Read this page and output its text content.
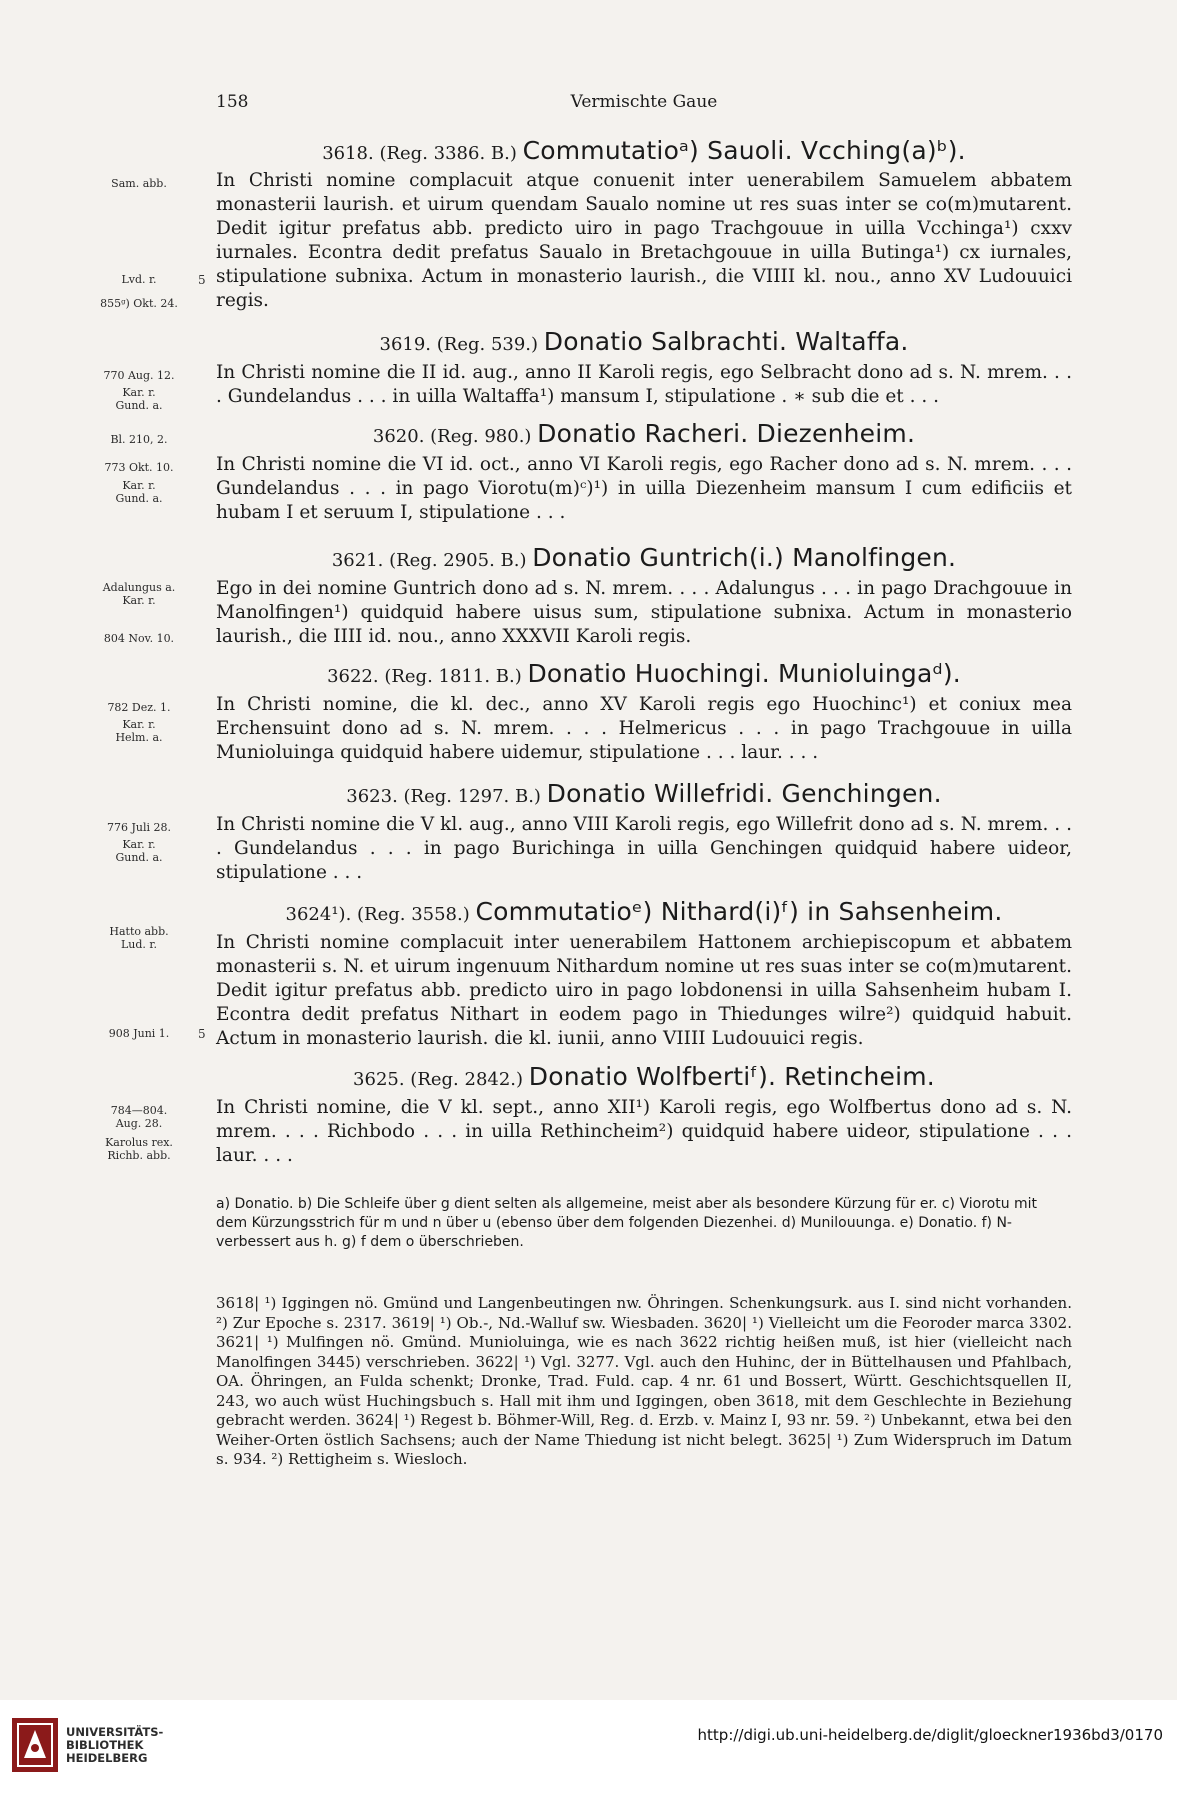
158	Vermischte Gaue
3618. (Reg. 3386. B.) Commutatioᵃ) Sauoli. Vcching(a)ᵇ).

In Christi nomine complacuit atque conuenit inter uenerabilem Samuelem abbatem monasterii laurish. et uirum quendam Saualo nomine ut res suas inter se co(m)mutarent. Dedit igitur prefatus abb. predicto uiro in pago Trachgouue in uilla Vcchinga¹) cxxv iurnales. Econtra dedit prefatus Saualo in Bretachgouue in uilla Butinga¹) cx iurnales, stipulatione subnixa. Actum in monasterio laurish., die VIIII kl. nou., anno XV Ludouuici regis.

3619. (Reg. 539.) Donatio Salbrachti. Waltaffa.

In Christi nomine die II id. aug., anno II Karoli regis, ego Selbracht dono ad s. N. mrem. . . . Gundelandus . . . in uilla Waltaffa¹) mansum I, stipulatione . ∗ sub die et . . .

3620. (Reg. 980.) Donatio Racheri. Diezenheim.

In Christi nomine die VI id. oct., anno VI Karoli regis, ego Racher dono ad s. N. mrem. . . . Gundelandus . . . in pago Viorotu(m)ᶜ)¹) in uilla Diezenheim mansum I cum edificiis et hubam I et seruum I, stipulatione . . .

3621. (Reg. 2905. B.) Donatio Guntrich(i.) Manolfingen.

Ego in dei nomine Guntrich dono ad s. N. mrem. . . . Adalungus . . . in pago Drachgouue in Manolfingen¹) quidquid habere uisus sum, stipulatione subnixa. Actum in monasterio laurish., die IIII id. nou., anno XXXVII Karoli regis.

3622. (Reg. 1811. B.) Donatio Huochingi. Munioluingaᵈ).

In Christi nomine, die kl. dec., anno XV Karoli regis ego Huochinc¹) et coniux mea Erchensuint dono ad s. N. mrem. . . . Helmericus . . . in pago Trachgouue in uilla Munioluinga quidquid habere uidemur, stipulatione . . . laur. . . .

3623. (Reg. 1297. B.) Donatio Willefridi. Genchingen.

In Christi nomine die V kl. aug., anno VIII Karoli regis, ego Willefrit dono ad s. N. mrem. . . . Gundelandus . . . in pago Burichinga in uilla Genchingen quidquid habere uideor, stipulatione . . .

3624¹). (Reg. 3558.) Commutatioᵉ) Nithard(i)ᶠ) in Sahsenheim.

In Christi nomine complacuit inter uenerabilem Hattonem archiepiscopum et abbatem monasterii s. N. et uirum ingenuum Nithardum nomine ut res suas inter se co(m)mutarent. Dedit igitur prefatus abb. predicto uiro in pago lobdonensi in uilla Sahsenheim hubam I. Econtra dedit prefatus Nithart in eodem pago in Thiedunges wilre²) quidquid habuit. Actum in monasterio laurish. die kl. iunii, anno VIIII Ludouuici regis.

3625. (Reg. 2842.) Donatio Wolfbertiᶠ). Retincheim.

In Christi nomine, die V kl. sept., anno XII¹) Karoli regis, ego Wolfbertus dono ad s. N. mrem. . . . Richbodo . . . in uilla Rethincheim²) quidquid habere uideor, stipulatione . . . laur. . . .

Sam. abb.
Lvd. r.
855ᵍ) Okt. 24.
770 Aug. 12.
Kar. r.
Gund. a.
Bl. 210, 2.
773 Okt. 10.
Kar. r.
Gund. a.
Adalungus a.
Kar. r.
804 Nov. 10.
782 Dez. 1.
Kar. r.
Helm. a.
776 Juli 28.
Kar. r.
Gund. a.
Hatto abb.
Lud. r.
908 Juni 1.
784—804.
Aug. 28.
Karolus rex.
Richb. abb.
5
5

a) Donatio. b) Die Schleife über g dient selten als allgemeine, meist aber als besondere Kürzung für er. c) Viorotu mit dem Kürzungsstrich für m und n über u (ebenso über dem folgenden Diezenhei. d) Munilouunga. e) Donatio. f) N- verbessert aus h. g) f dem o überschrieben.

3618| ¹) Iggingen nö. Gmünd und Langenbeutingen nw. Öhringen. Schenkungsurk. aus I. sind nicht vorhanden. ²) Zur Epoche s. 2317. 3619| ¹) Ob.-, Nd.-Walluf sw. Wiesbaden. 3620| ¹) Vielleicht um die Feoroder marca 3302. 3621| ¹) Mulfingen nö. Gmünd. Munioluinga, wie es nach 3622 richtig heißen muß, ist hier (vielleicht nach Manolfingen 3445) verschrieben. 3622| ¹) Vgl. 3277. Vgl. auch den Huhinc, der in Büttelhausen und Pfahlbach, OA. Öhringen, an Fulda schenkt; Dronke, Trad. Fuld. cap. 4 nr. 61 und Bossert, Württ. Geschichtsquellen II, 243, wo auch wüst Huchingsbuch s. Hall mit ihm und Iggingen, oben 3618, mit dem Geschlechte in Beziehung gebracht werden. 3624| ¹) Regest b. Böhmer-Will, Reg. d. Erzb. v. Mainz I, 93 nr. 59. ²) Unbekannt, etwa bei den Weiher-Orten östlich Sachsens; auch der Name Thiedung ist nicht belegt. 3625| ¹) Zum Widerspruch im Datum s. 934. ²) Rettigheim s. Wiesloch.

UNIVERSITÄTS-
BIBLIOTHEK
HEIDELBERG
http://digi.ub.uni-heidelberg.de/diglit/gloeckner1936bd3/0170
